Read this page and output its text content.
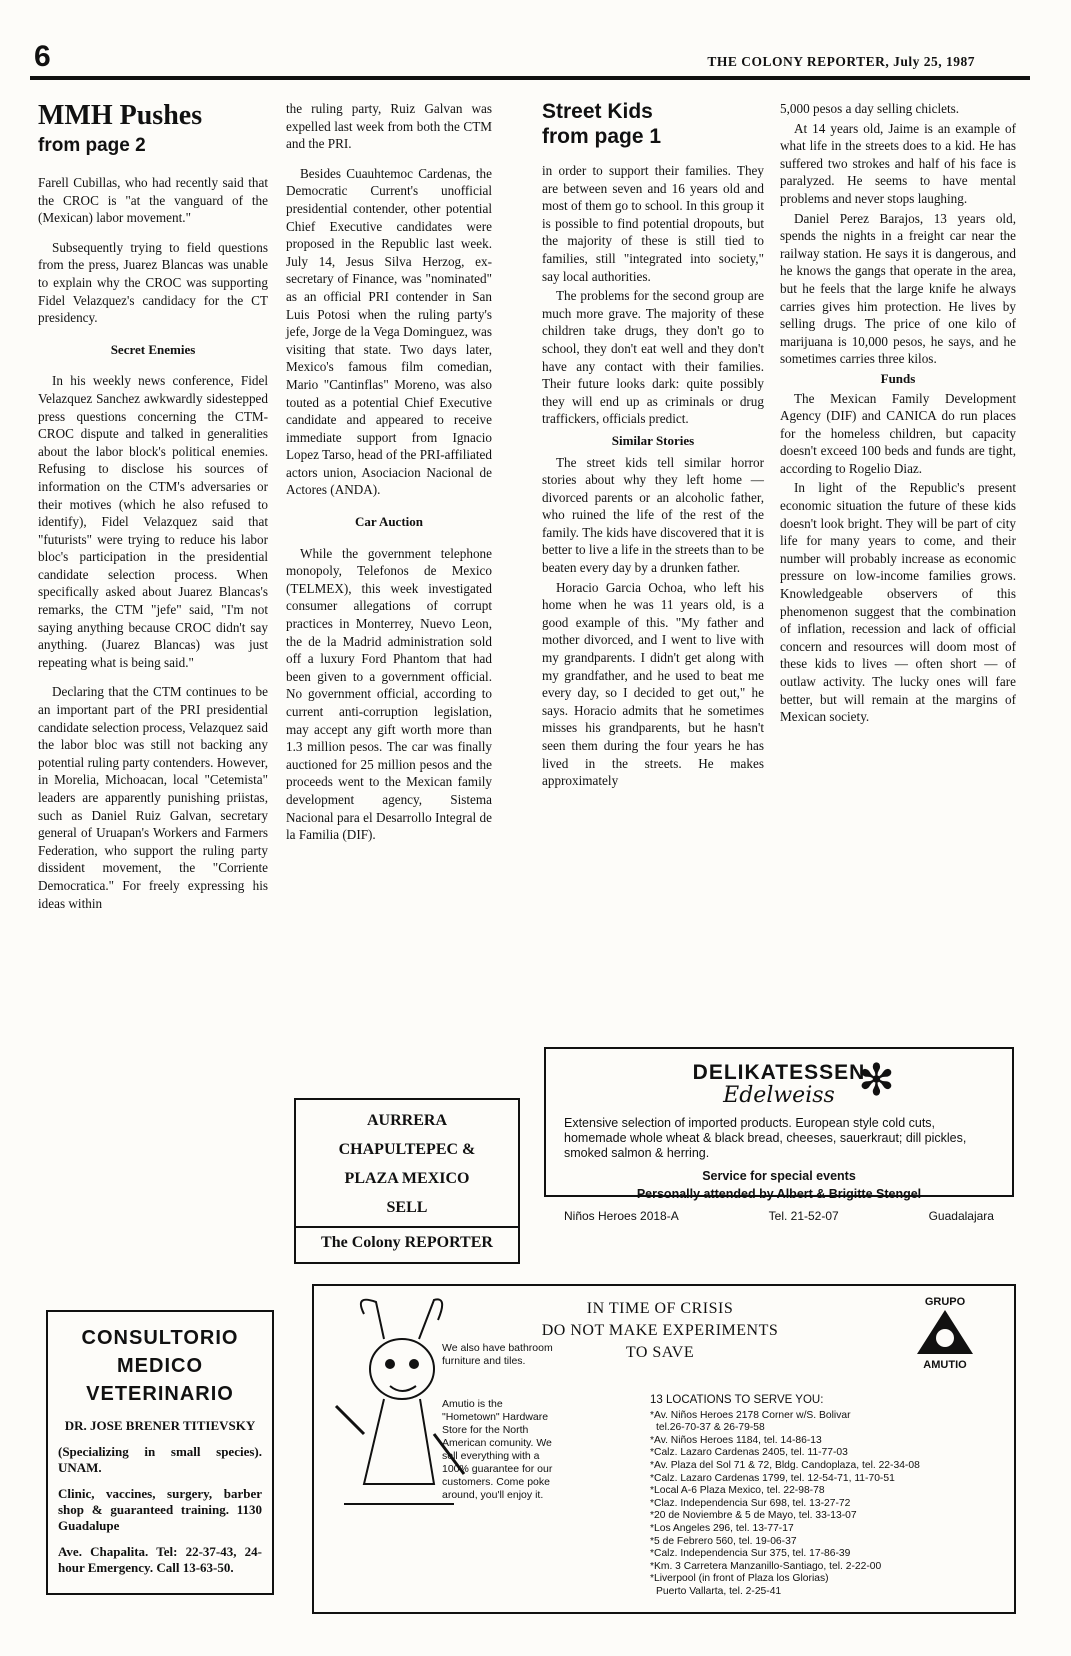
6	THE COLONY REPORTER, July 25, 1987
MMH Pushes
from page 2

Farell Cubillas, who had recently said that the CROC is "at the vanguard of the (Mexican) labor movement."

Subsequently trying to field questions from the press, Juarez Blancas was unable to explain why the CROC was supporting Fidel Velazquez's candidacy for the CT presidency.

Secret Enemies

In his weekly news conference, Fidel Velazquez Sanchez awkwardly sidestepped press questions concerning the CTM-CROC dispute and talked in generalities about the labor block's political enemies. Refusing to disclose his sources of information on the CTM's adversaries or their motives (which he also refused to identify), Fidel Velazquez said that "futurists" were trying to reduce his labor bloc's participation in the presidential candidate selection process. When specifically asked about Juarez Blancas's remarks, the CTM "jefe" said, "I'm not saying anything because CROC didn't say anything. (Juarez Blancas) was just repeating what is being said."

Declaring that the CTM continues to be an important part of the PRI presidential candidate selection process, Velazquez said the labor bloc was still not backing any potential ruling party contenders. However, in Morelia, Michoacan, local "Cetemista" leaders are apparently punishing priistas, such as Daniel Ruiz Galvan, secretary general of Uruapan's Workers and Farmers Federation, who support the ruling party dissident movement, the "Corriente Democratica." For freely expressing his ideas within

the ruling party, Ruiz Galvan was expelled last week from both the CTM and the PRI.

Besides Cuauhtemoc Cardenas, the Democratic Current's unofficial presidential contender, other potential Chief Executive candidates were proposed in the Republic last week. July 14, Jesus Silva Herzog, ex-secretary of Finance, was "nominated" as an official PRI contender in San Luis Potosi when the ruling party's jefe, Jorge de la Vega Dominguez, was visiting that state. Two days later, Mexico's famous film comedian, Mario "Cantinflas" Moreno, was also touted as a potential Chief Executive candidate and appeared to receive immediate support from Ignacio Lopez Tarso, head of the PRI-affiliated actors union, Asociacion Nacional de Actores (ANDA).

Car Auction

While the government telephone monopoly, Telefonos de Mexico (TELMEX), this week investigated consumer allegations of corrupt practices in Monterrey, Nuevo Leon, the de la Madrid administration sold off a luxury Ford Phantom that had been given to a government official. No government official, according to current anti-corruption legislation, may accept any gift worth more than 1.3 million pesos. The car was finally auctioned for 25 million pesos and the proceeds went to the Mexican family development agency, Sistema Nacional para el Desarrollo Integral de la Familia (DIF).

Street Kids
from page 1

in order to support their families. They are between seven and 16 years old and most of them go to school. In this group it is possible to find potential dropouts, but the majority of these is still tied to families, still "integrated into society," say local authorities.

The problems for the second group are much more grave. The majority of these children take drugs, they don't go to school, they don't eat well and they don't have any contact with their families. Their future looks dark: quite possibly they will end up as criminals or drug traffickers, officials predict.

Similar Stories

The street kids tell similar horror stories about why they left home — divorced parents or an alcoholic father, who ruined the life of the rest of the family. The kids have discovered that it is better to live a life in the streets than to be beaten every day by a drunken father.

Horacio Garcia Ochoa, who left his home when he was 11 years old, is a good example of this. "My father and mother divorced, and I went to live with my grandparents. I didn't get along with my grandfather, and he used to beat me every day, so I decided to get out," he says. Horacio admits that he sometimes misses his grandparents, but he hasn't seen them during the four years he has lived in the streets. He makes approximately

5,000 pesos a day selling chiclets.

At 14 years old, Jaime is an example of what life in the streets does to a kid. He has suffered two strokes and half of his face is paralyzed. He seems to have mental problems and never stops laughing.

Daniel Perez Barajos, 13 years old, spends the nights in a freight car near the railway station. He says it is dangerous, and he knows the gangs that operate in the area, but he feels that the large knife he always carries gives him protection. He lives by selling drugs. The price of one kilo of marijuana is 10,000 pesos, he says, and he sometimes carries three kilos.

Funds

The Mexican Family Development Agency (DIF) and CANICA do run places for the homeless children, but capacity doesn't exceed 100 beds and funds are tight, according to Rogelio Diaz.

In light of the Republic's present economic situation the future of these kids doesn't look bright. They will be part of city life for many years to come, and their number will probably increase as economic pressure on low-income families grows. Knowledgeable observers of this phenomenon suggest that the combination of inflation, recession and lack of official concern and resources will doom most of these kids to lives — often short — of outlaw activity. The lucky ones will fare better, but will remain at the margins of Mexican society.

AURRERA
CHAPULTEPEC &
PLAZA MEXICO
SELL
The Colony REPORTER
DELIKATESSEN
Edelweiss ✻
Extensive selection of imported products. European style cold cuts, homemade whole wheat & black bread, cheeses, sauerkraut; dill pickles, smoked salmon & herring.
Service for special events
Personally attended by Albert & Brigitte Stengel
Niños Heroes 2018-A	Tel. 21-52-07	Guadalajara
CONSULTORIO
MEDICO
VETERINARIO
DR. JOSE BRENER TITIEVSKY

(Specializing in small species). UNAM.

Clinic, vaccines, surgery, barber shop & guaranteed training. 1130 Guadalupe

Ave. Chapalita. Tel: 22-37-43, 24-hour Emergency. Call 13-63-50.

IN TIME OF CRISIS
DO NOT MAKE EXPERIMENTS
TO SAVE
GRUPO
AMUTIO
We also have bathroom furniture and tiles.
Amutio is the "Hometown" Hardware Store for the North American comunity. We sell everything with a 100% guarantee for our customers. Come poke around, you'll enjoy it.
13 LOCATIONS TO SERVE YOU:
*Av. Niños Heroes 2178 Corner w/S. Bolivar
tel.26-70-37 & 26-79-58
*Av. Niños Heroes 1184, tel. 14-86-13
*Calz. Lazaro Cardenas 2405, tel. 11-77-03
*Av. Plaza del Sol 71 & 72, Bldg. Candoplaza, tel. 22-34-08
*Calz. Lazaro Cardenas 1799, tel. 12-54-71, 11-70-51
*Local A-6 Plaza Mexico, tel. 22-98-78
*Claz. Independencia Sur 698, tel. 13-27-72
*20 de Noviembre & 5 de Mayo, tel. 33-13-07
*Los Angeles 296, tel. 13-77-17
*5 de Febrero 560, tel. 19-06-37
*Calz. Independencia Sur 375, tel. 17-86-39
*Km. 3 Carretera Manzanillo-Santiago, tel. 2-22-00
*Liverpool (in front of Plaza los Glorias)
Puerto Vallarta, tel. 2-25-41
